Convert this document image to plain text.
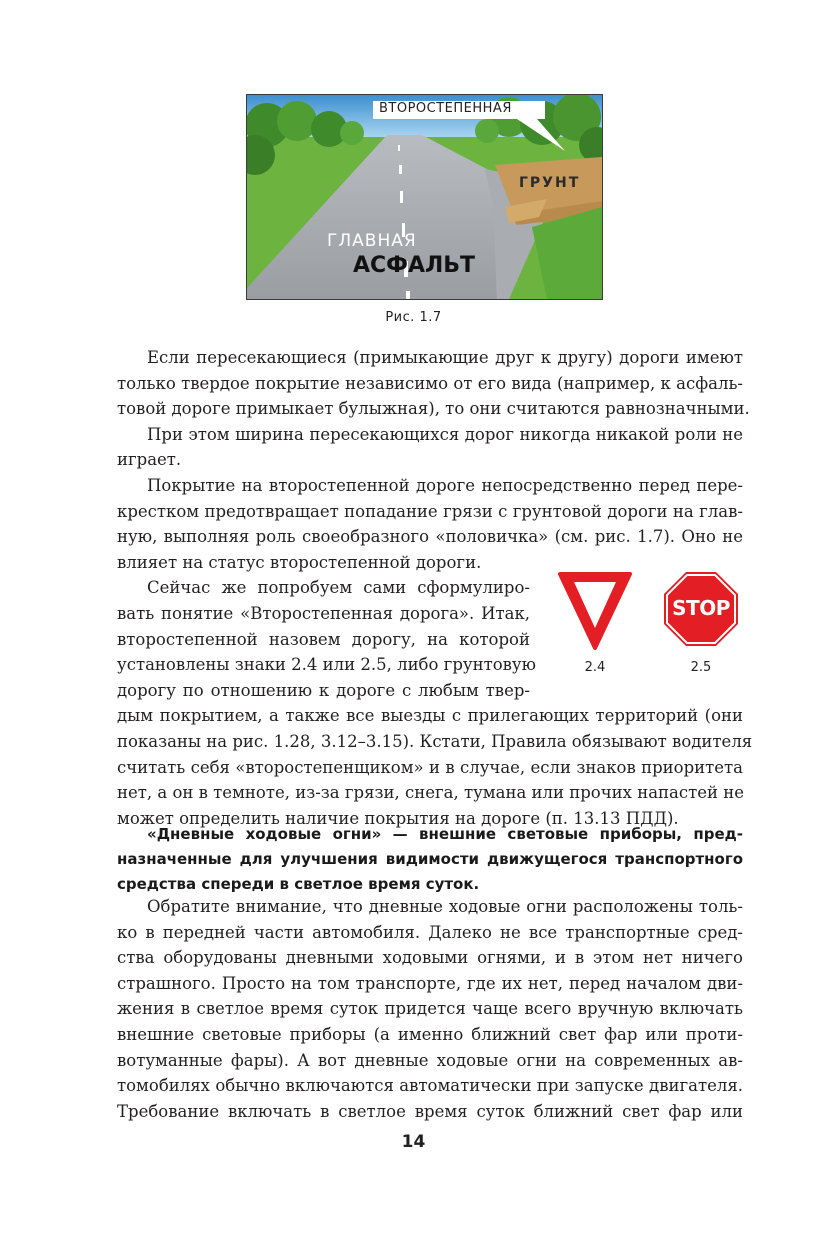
ВТОРОСТЕПЕННАЯ
ГРУНТ
ГЛАВНАЯ
АСФАЛЬТ
Рис. 1.7
Если пересекающиеся (примыкающие друг к другу) дороги имеют
только твердое покрытие независимо от его вида (например, к асфаль-
товой дороге примыкает булыжная), то они считаются равнозначными.
При этом ширина пересекающихся дорог никогда никакой роли не
играет.
Покрытие на второстепенной дороге непосредственно перед пере-
крестком предотвращает попадание грязи с грунтовой дороги на глав-
ную, выполняя роль своеобразного «половичка» (см. рис. 1.7). Оно не
влияет на статус второстепенной дороги.
Сейчас же попробуем сами сформулиро-
вать понятие «Второстепенная дорога». Итак,
второстепенной назовем дорогу, на которой
установлены знаки 2.4 или 2.5, либо грунтовую
дорогу по отношению к дороге с любым твер-
дым покрытием, а также все выезды с прилегающих территорий (они
показаны на рис. 1.28, 3.12–3.15). Кстати, Правила обязывают водителя
считать себя «второстепенщиком» и в случае, если знаков приоритета
нет, а он в темноте, из-за грязи, снега, тумана или прочих напастей не
может определить наличие покрытия на дороге (п. 13.13 ПДД).
STOP
2.4	2.5
«Дневные ходовые огни» — внешние световые приборы, пред-
назначенные для улучшения видимости движущегося транспортного
средства спереди в светлое время суток.
Обратите внимание, что дневные ходовые огни расположены толь-
ко в передней части автомобиля. Далеко не все транспортные сред-
ства оборудованы дневными ходовыми огнями, и в этом нет ничего
страшного. Просто на том транспорте, где их нет, перед началом дви-
жения в светлое время суток придется чаще всего вручную включать
внешние световые приборы (а именно ближний свет фар или проти-
вотуманные фары). А вот дневные ходовые огни на современных ав-
томобилях обычно включаются автоматически при запуске двигателя.
Требование включать в светлое время суток ближний свет фар или
14
